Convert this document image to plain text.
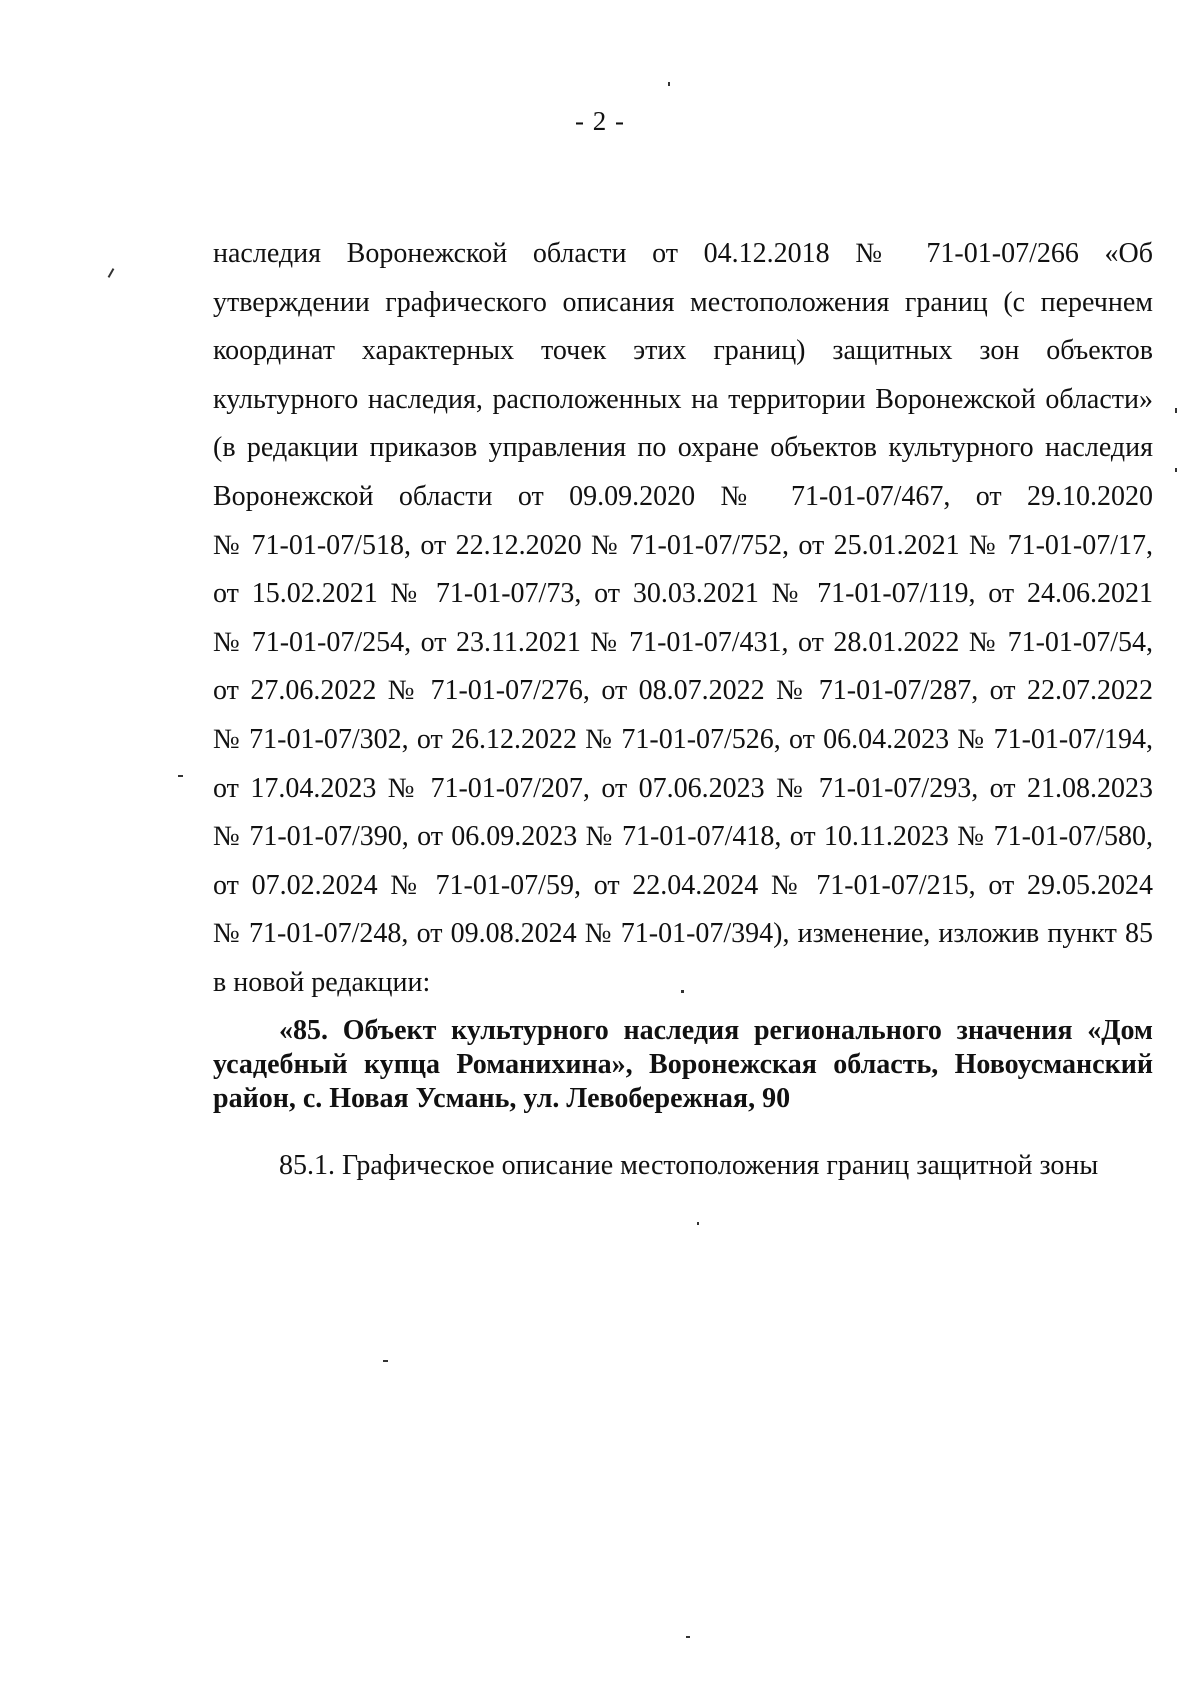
- 2 -
наследия Воронежской области от 04.12.2018 № 71-01-07/266 «Об
утверждении графического описания местоположения границ (с перечнем
координат характерных точек этих границ) защитных зон объектов
культурного наследия, расположенных на территории Воронежской области»
(в редакции приказов управления по охране объектов культурного наследия
Воронежской области от 09.09.2020 № 71-01-07/467, от 29.10.2020
№ 71-01-07/518, от 22.12.2020 № 71-01-07/752, от 25.01.2021 № 71-01-07/17,
от 15.02.2021 № 71-01-07/73, от 30.03.2021 № 71-01-07/119, от 24.06.2021
№ 71-01-07/254, от 23.11.2021 № 71-01-07/431, от 28.01.2022 № 71-01-07/54,
от 27.06.2022 № 71-01-07/276, от 08.07.2022 № 71-01-07/287, от 22.07.2022
№ 71-01-07/302, от 26.12.2022 № 71-01-07/526, от 06.04.2023 № 71-01-07/194,
от 17.04.2023 № 71-01-07/207, от 07.06.2023 № 71-01-07/293, от 21.08.2023
№ 71-01-07/390, от 06.09.2023 № 71-01-07/418, от 10.11.2023 № 71-01-07/580,
от 07.02.2024 № 71-01-07/59, от 22.04.2024 № 71-01-07/215, от 29.05.2024
№ 71-01-07/248, от 09.08.2024 № 71-01-07/394), изменение, изложив пункт 85
в новой редакции:
«85. Объект культурного наследия регионального значения «Дом
усадебный купца Романихина», Воронежская область, Новоусманский
район, с. Новая Усмань, ул. Левобережная, 90
85.1. Графическое описание местоположения границ защитной зоны
